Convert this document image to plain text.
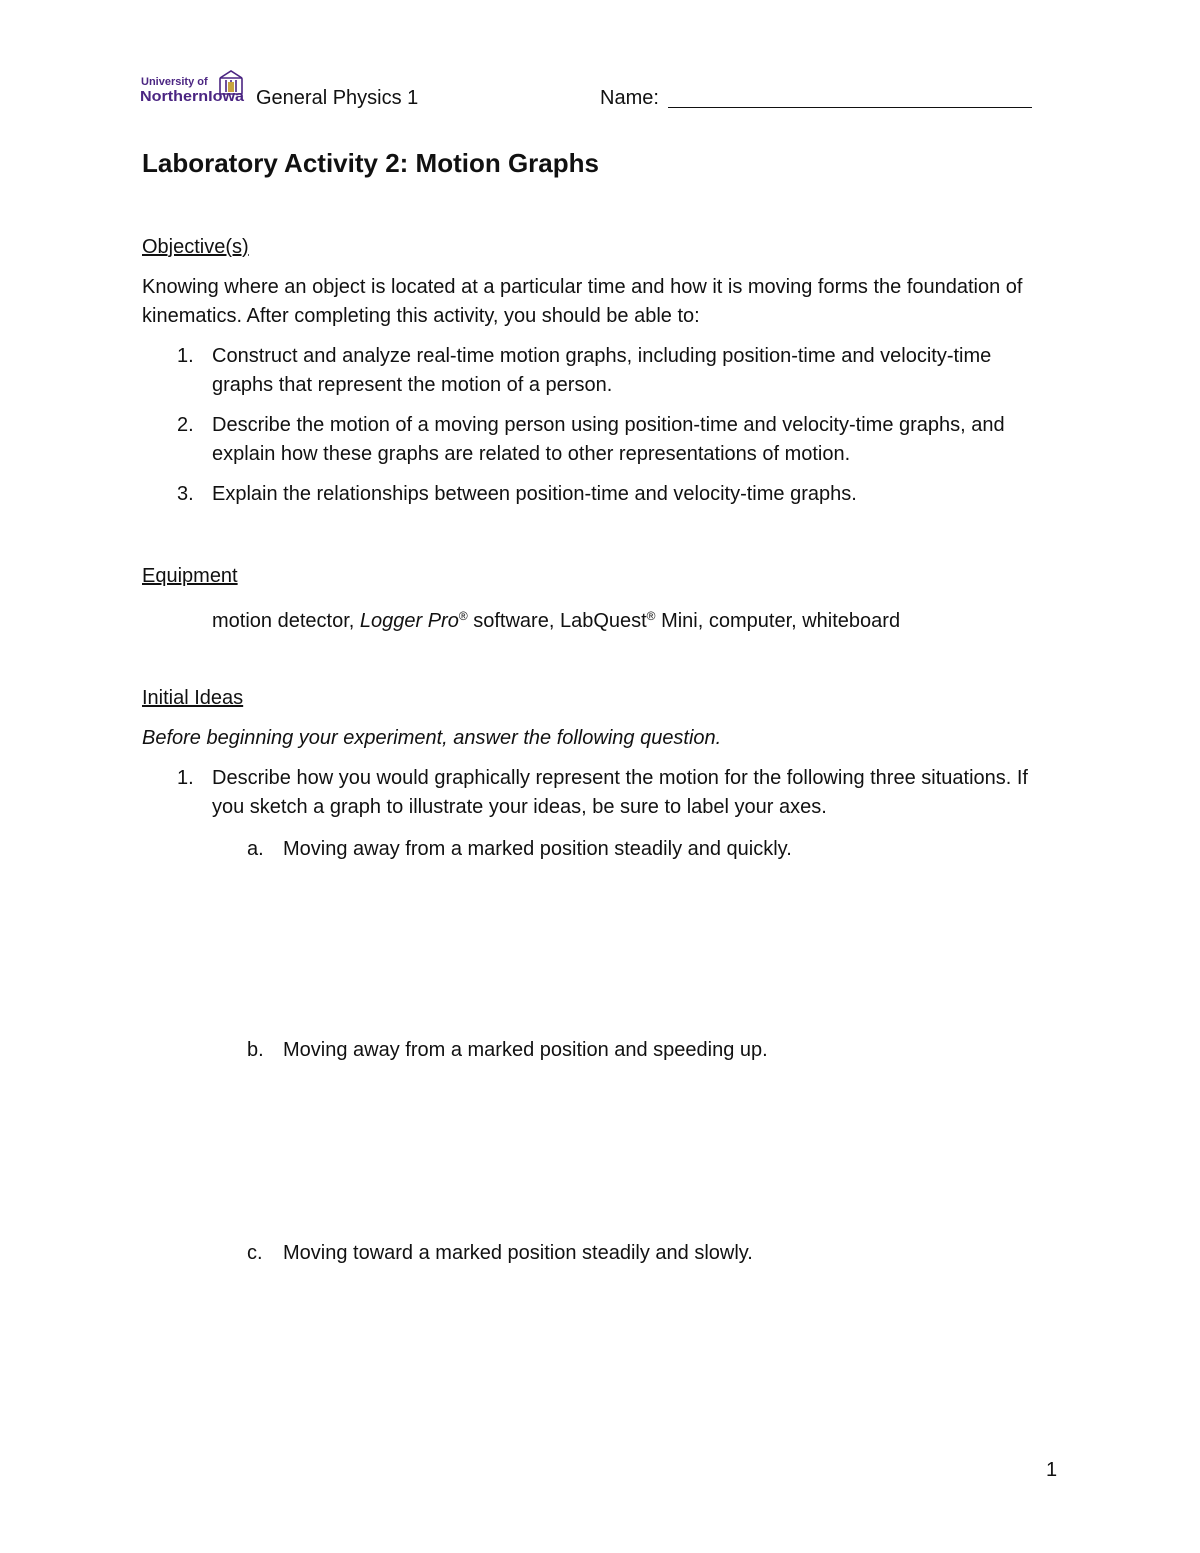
University of
NorthernIowa General Physics 1	Name:
Laboratory Activity 2: Motion Graphs
Objective(s)
Knowing where an object is located at a particular time and how it is moving forms the foundation of kinematics. After completing this activity, you should be able to:
1. Construct and analyze real-time motion graphs, including position-time and velocity-time graphs that represent the motion of a person.
2. Describe the motion of a moving person using position-time and velocity-time graphs, and explain how these graphs are related to other representations of motion.
3. Explain the relationships between position-time and velocity-time graphs.
Equipment
motion detector, Logger Pro® software, LabQuest® Mini, computer, whiteboard
Initial Ideas
Before beginning your experiment, answer the following question.
1. Describe how you would graphically represent the motion for the following three situations. If you sketch a graph to illustrate your ideas, be sure to label your axes.
a. Moving away from a marked position steadily and quickly.
b. Moving away from a marked position and speeding up.
c. Moving toward a marked position steadily and slowly.
1
